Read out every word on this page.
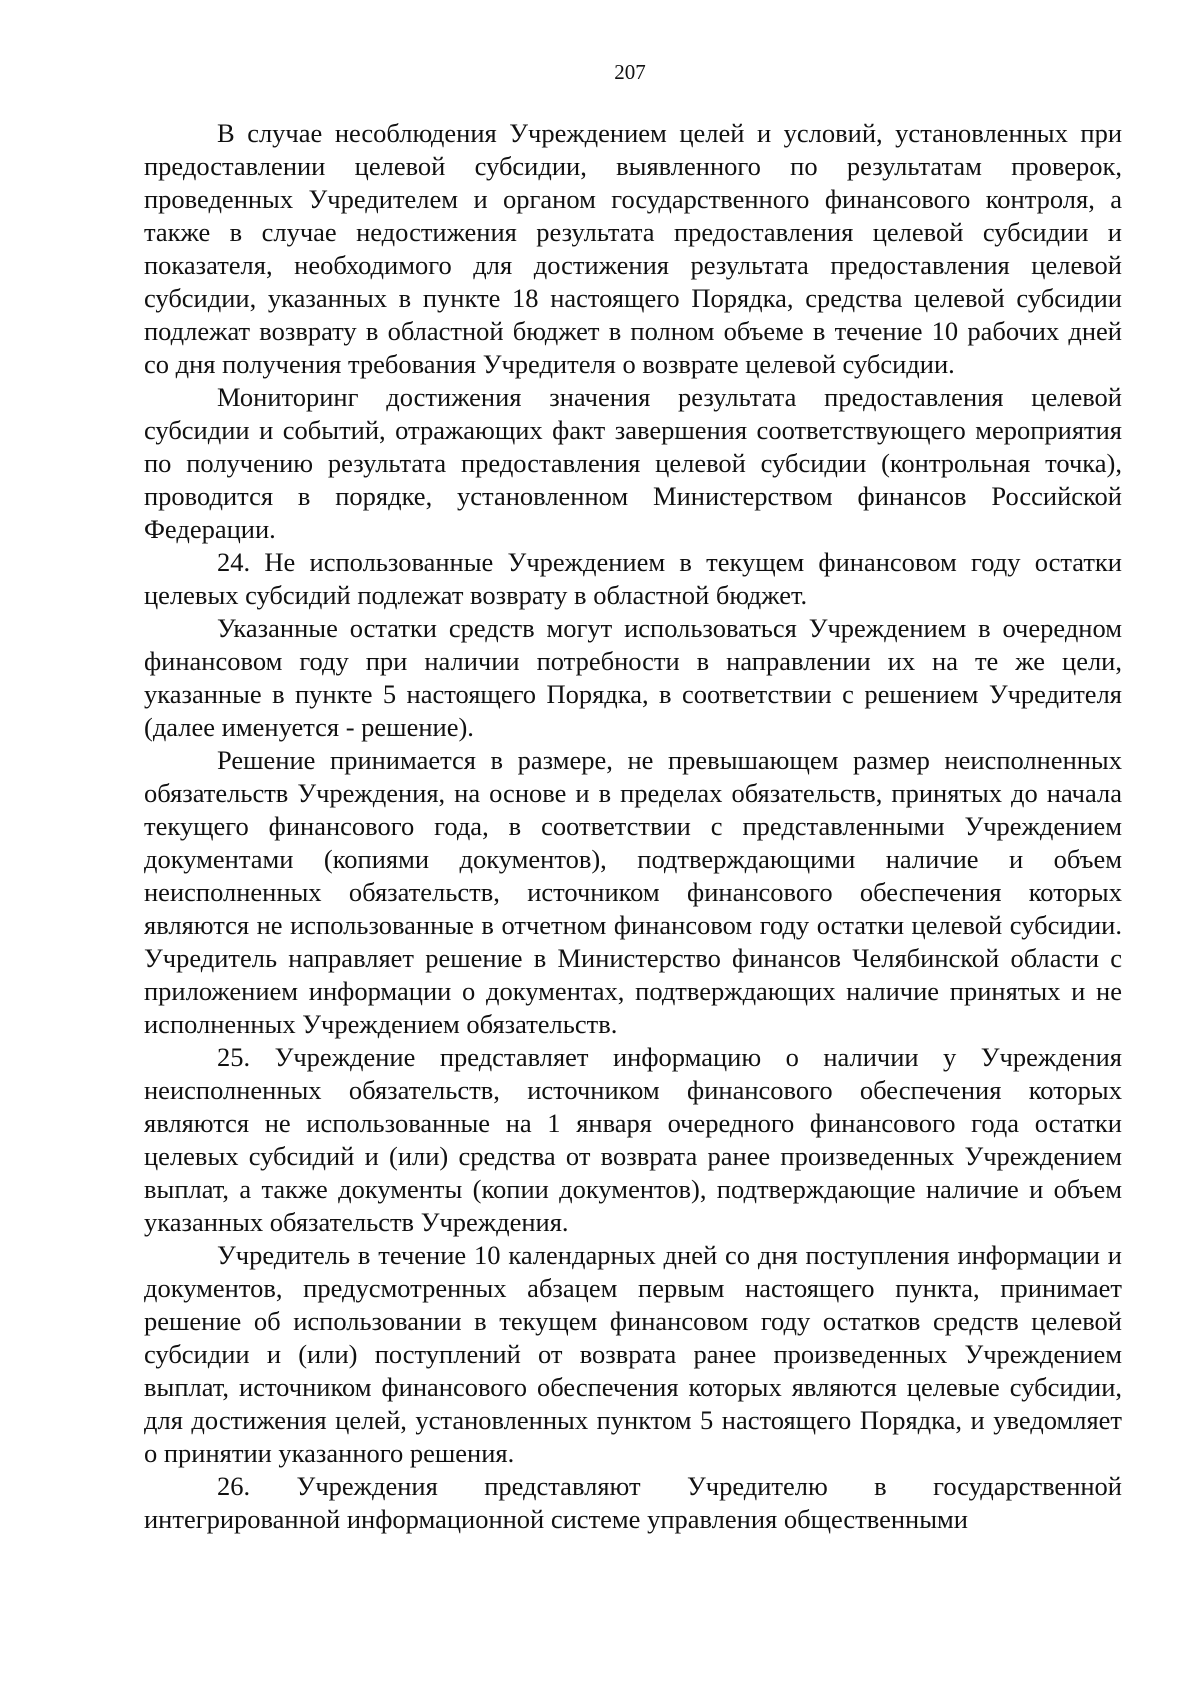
207

В случае несоблюдения Учреждением целей и условий, установленных при предоставлении целевой субсидии, выявленного по результатам проверок, проведенных Учредителем и органом государственного финансового контроля, а также в случае недостижения результата предоставления целевой субсидии и показателя, необходимого для достижения результата предоставления целевой субсидии, указанных в пункте 18 настоящего Порядка, средства целевой субсидии подлежат возврату в областной бюджет в полном объеме в течение 10 рабочих дней со дня получения требования Учредителя о возврате целевой субсидии.

Мониторинг достижения значения результата предоставления целевой субсидии и событий, отражающих факт завершения соответствующего мероприятия по получению результата предоставления целевой субсидии (контрольная точка), проводится в порядке, установленном Министерством финансов Российской Федерации.

24. Не использованные Учреждением в текущем финансовом году остатки целевых субсидий подлежат возврату в областной бюджет.

Указанные остатки средств могут использоваться Учреждением в очередном финансовом году при наличии потребности в направлении их на те же цели, указанные в пункте 5 настоящего Порядка, в соответствии с решением Учредителя (далее именуется - решение).

Решение принимается в размере, не превышающем размер неисполненных обязательств Учреждения, на основе и в пределах обязательств, принятых до начала текущего финансового года, в соответствии с представленными Учреждением документами (копиями документов), подтверждающими наличие и объем неисполненных обязательств, источником финансового обеспечения которых являются не использованные в отчетном финансовом году остатки целевой субсидии. Учредитель направляет решение в Министерство финансов Челябинской области с приложением информации о документах, подтверждающих наличие принятых и не исполненных Учреждением обязательств.

25. Учреждение представляет информацию о наличии у Учреждения неисполненных обязательств, источником финансового обеспечения которых являются не использованные на 1 января очередного финансового года остатки целевых субсидий и (или) средства от возврата ранее произведенных Учреждением выплат, а также документы (копии документов), подтверждающие наличие и объем указанных обязательств Учреждения.

Учредитель в течение 10 календарных дней со дня поступления информации и документов, предусмотренных абзацем первым настоящего пункта, принимает решение об использовании в текущем финансовом году остатков средств целевой субсидии и (или) поступлений от возврата ранее произведенных Учреждением выплат, источником финансового обеспечения которых являются целевые субсидии, для достижения целей, установленных пунктом 5 настоящего Порядка, и уведомляет о принятии указанного решения.

26. Учреждения представляют Учредителю в государственной интегрированной информационной системе управления общественными
